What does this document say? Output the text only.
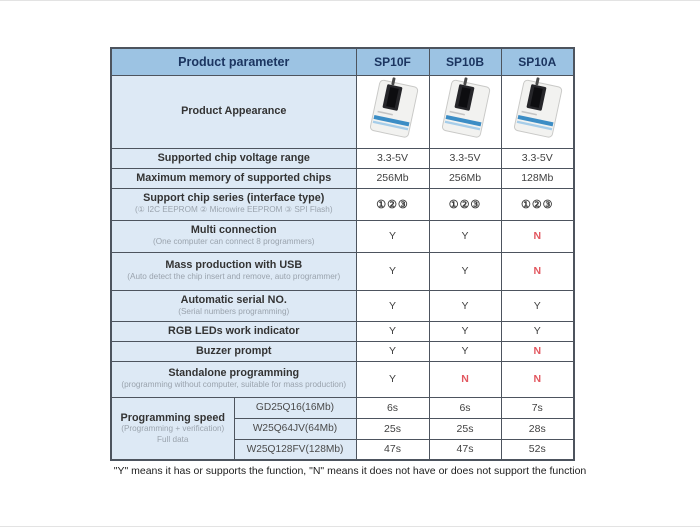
Product parameter		SP10F	SP10B	SP10A

Product Appearance

Supported chip voltage range		3.3-5V	3.3-5V	3.3-5V

Maximum memory of supported chips		256Mb	256Mb	128Mb

Support chip series (interface type)
(① I2C EEPROM ② Microwire EEPROM ③ SPI Flash)		①②③	①②③	①②③

Multi connection
(One computer can connect 8 programmers)		Y	Y	N

Mass production with USB
(Auto detect the chip insert and remove, auto programmer)		Y	Y	N

Automatic serial NO.
(Serial numbers programming)		Y	Y	Y

RGB LEDs work indicator		Y	Y	Y

Buzzer prompt		Y	Y	N

Standalone programming
(programming without computer, suitable for mass production)		Y	N	N

Programming speed
(Programming + verification)
Full data	GD25Q16(16Mb)	6s	6s	7s
	W25Q64JV(64Mb)	25s	25s	28s
	W25Q128FV(128Mb)	47s	47s	52s
"Y" means it has or supports the function, "N" means it does not have or does not support the function
